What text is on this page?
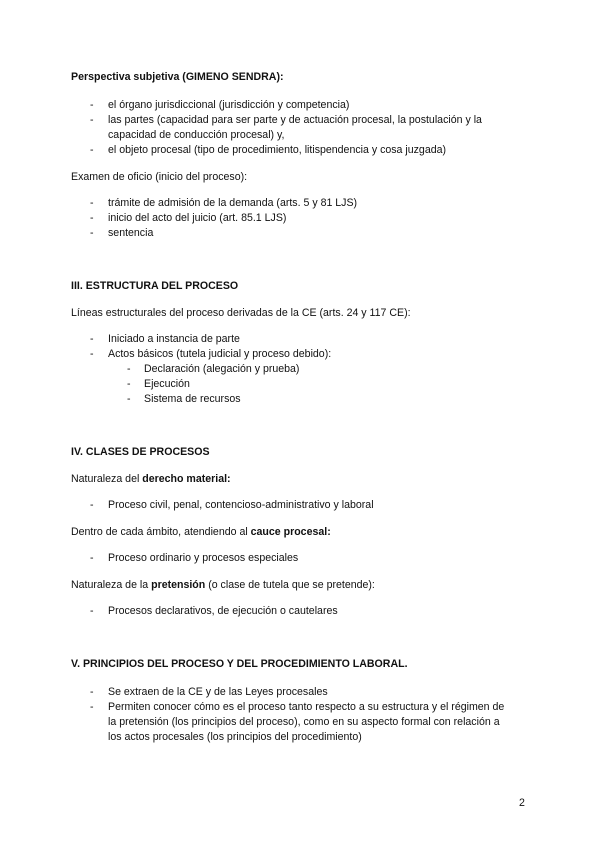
Perspectiva subjetiva (GIMENO SENDRA):
- el órgano jurisdiccional (jurisdicción y competencia)
- las partes (capacidad para ser parte y de actuación procesal, la postulación y la
capacidad de conducción procesal) y,
- el objeto procesal (tipo de procedimiento, litispendencia y cosa juzgada)
Examen de oficio (inicio del proceso):
- trámite de admisión de la demanda (arts. 5 y 81 LJS)
- inicio del acto del juicio (art. 85.1 LJS)
- sentencia
III. ESTRUCTURA DEL PROCESO
Líneas estructurales del proceso derivadas de la CE (arts. 24 y 117 CE):
- Iniciado a instancia de parte
- Actos básicos (tutela judicial y proceso debido):
- Declaración (alegación y prueba)
- Ejecución
- Sistema de recursos
IV. CLASES DE PROCESOS
Naturaleza del derecho material:
- Proceso civil, penal, contencioso-administrativo y laboral
Dentro de cada ámbito, atendiendo al cauce procesal:
- Proceso ordinario y procesos especiales
Naturaleza de la pretensión (o clase de tutela que se pretende):
- Procesos declarativos, de ejecución o cautelares
V. PRINCIPIOS DEL PROCESO Y DEL PROCEDIMIENTO LABORAL.
- Se extraen de la CE y de las Leyes procesales
- Permiten conocer cómo es el proceso tanto respecto a su estructura y el régimen de
la pretensión (los principios del proceso), como en su aspecto formal con relación a
los actos procesales (los principios del procedimiento)
2
